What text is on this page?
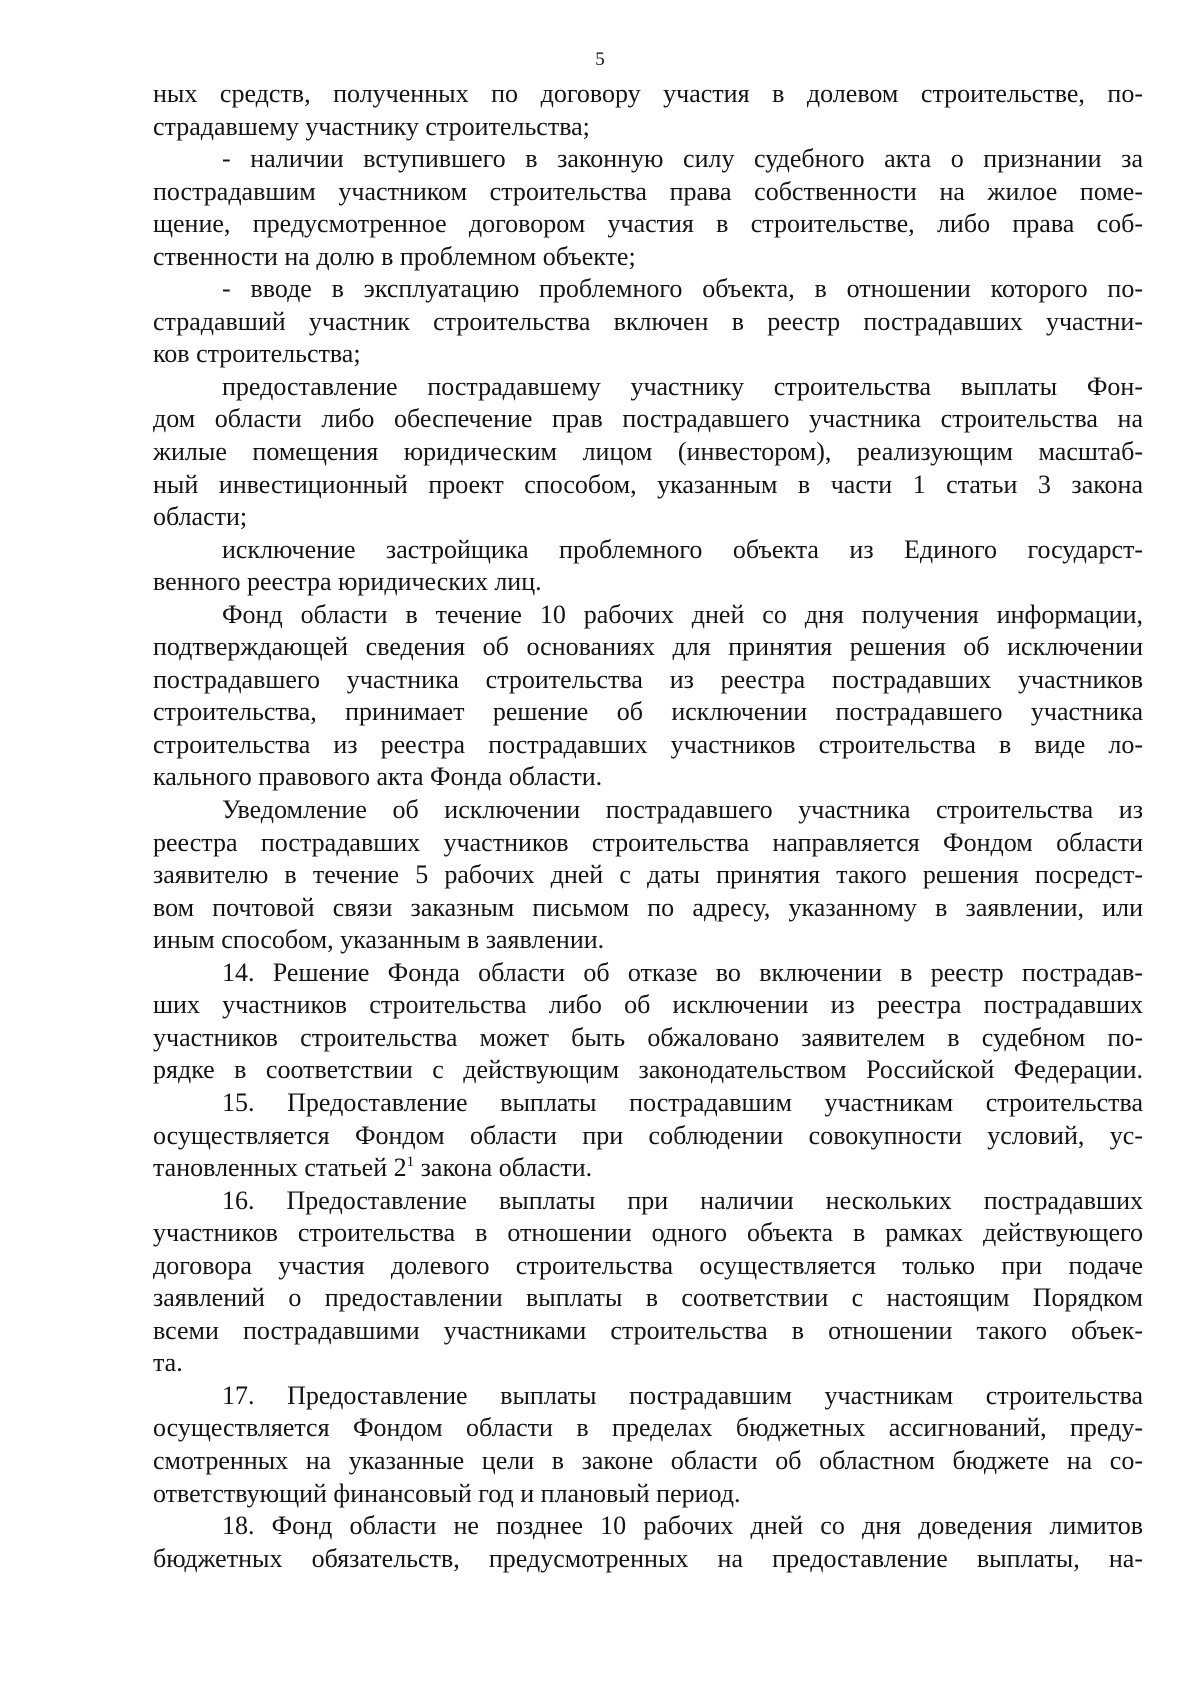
5
ных средств, полученных по договору участия в долевом строительстве, по-
страдавшему участнику строительства;
- наличии вступившего в законную силу судебного акта о признании за
пострадавшим участником строительства права собственности на жилое поме-
щение, предусмотренное договором участия в строительстве, либо права соб-
ственности на долю в проблемном объекте;
- вводе в эксплуатацию проблемного объекта, в отношении которого по-
страдавший участник строительства включен в реестр пострадавших участни-
ков строительства;
предоставление пострадавшему участнику строительства выплаты Фон-
дом области либо обеспечение прав пострадавшего участника строительства на
жилые помещения юридическим лицом (инвестором), реализующим масштаб-
ный инвестиционный проект способом, указанным в части 1 статьи 3 закона
области;
исключение застройщика проблемного объекта из Единого государст-
венного реестра юридических лиц.
Фонд области в течение 10 рабочих дней со дня получения информации,
подтверждающей сведения об основаниях для принятия решения об исключении
пострадавшего участника строительства из реестра пострадавших участников
строительства, принимает решение об исключении пострадавшего участника
строительства из реестра пострадавших участников строительства в виде ло-
кального правового акта Фонда области.
Уведомление об исключении пострадавшего участника строительства из
реестра пострадавших участников строительства направляется Фондом области
заявителю в течение 5 рабочих дней с даты принятия такого решения посредст-
вом почтовой связи заказным письмом по адресу, указанному в заявлении, или
иным способом, указанным в заявлении.
14. Решение Фонда области об отказе во включении в реестр пострадав-
ших участников строительства либо об исключении из реестра пострадавших
участников строительства может быть обжаловано заявителем в судебном по-
рядке в соответствии с действующим законодательством Российской Федерации.
15. Предоставление выплаты пострадавшим участникам строительства
осуществляется Фондом области при соблюдении совокупности условий, ус-
тановленных статьей $2^1$ закона области.
16. Предоставление выплаты при наличии нескольких пострадавших
участников строительства в отношении одного объекта в рамках действующего
договора участия долевого строительства осуществляется только при подаче
заявлений о предоставлении выплаты в соответствии с настоящим Порядком
всеми пострадавшими участниками строительства в отношении такого объек-
та.
17. Предоставление выплаты пострадавшим участникам строительства
осуществляется Фондом области в пределах бюджетных ассигнований, преду-
смотренных на указанные цели в законе области об областном бюджете на со-
ответствующий финансовый год и плановый период.
18. Фонд области не позднее 10 рабочих дней со дня доведения лимитов
бюджетных обязательств, предусмотренных на предоставление выплаты, на-
